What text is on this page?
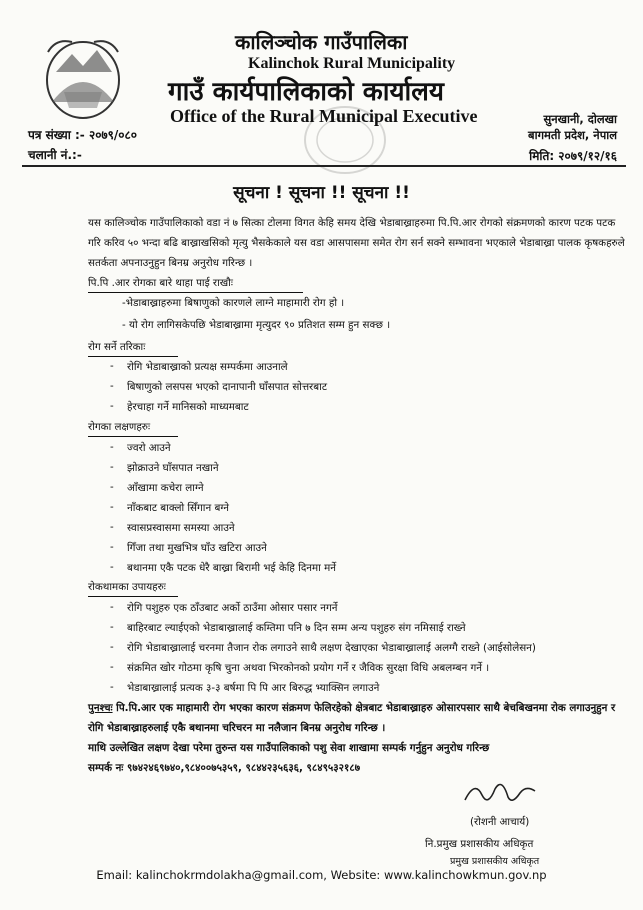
कालिञ्चोक गाउँपालिका
Kalinchok Rural Municipality
गाउँ कार्यपालिकाको कार्यालय
Office of the Rural Municipal Executive	सुनखानी, दोलखा
बागमती प्रदेश, नेपाल
मिति: २०७९/१२/१६
पत्र संख्या :- २०७९/०८०
चलानी नं.:-
सूचना ! सूचना !! सूचना !!
यस कालिञ्चोक गाउँपालिकाको वडा नं ७ सित्का टोलमा विगत केहि समय देखि भेडाबाख्राहरुमा पि.पि.आर रोगको संक्रमणको कारण पटक पटक गरि करिव ५० भन्दा बढि बाख्राखसिको मृत्यु भैसकेकाले यस वडा आसपासमा समेत रोग सर्न सक्ने सम्भावना भएकाले भेडाबाख्रा पालक कृषकहरुले सतर्कता अपनाउनुहुन बिनम्र अनुरोध गरिन्छ ।
पि.पि .आर रोगका बारे थाहा पाई राखौः
-भेडाबाख्राहरुमा बिषाणुको कारणले लाग्ने माहामारी रोग हो ।
- यो रोग लागिसकेपछि भेडाबाख्रामा मृत्युदर ९० प्रतिशत सम्म हुन सक्छ ।
रोग सर्ने तरिकाः
- रोगि भेडाबाख्राको प्रत्यक्ष सम्पर्कमा आउनाले
- बिषाणुको लसपस भएको दानापानी घाँसपात सोत्तरबाट
- हेरचाहा गर्ने मानिसको माध्यमबाट
रोगका लक्षणहरुः
- ज्वरो आउने
- झोक्राउने घाँसपात नखाने
- आँखामा कचेरा लाग्ने
- नाँकबाट बाक्लो सिँगान बग्ने
- स्वासप्रस्वासमा समस्या आउने
- गिँजा तथा मुखभित्र घाँउ खटिरा आउने
- बथानमा एकै पटक धेरै बाख्रा बिरामी भई केहि दिनमा मर्ने
रोकथामका उपायहरुः
- रोगि पशुहरु एक ठाँउबाट अर्को ठाउँमा ओसार पसार नगर्ने
- बाहिरबाट ल्याईएको भेडाबाख्रालाई कम्तिमा पनि ७ दिन सम्म अन्य पशुहरु संग नमिसाई राख्ने
- रोगि भेडाबाख्रालाई चरनमा तैजान रोक लगाउने साथै लक्षण देखाएका भेडाबाख्रालाई अलग्गै राख्ने (आईसोलेसन)
- संक्रमित खोर गोठमा कृषि चुना अथवा भिरकोनको प्रयोग गर्ने र जैविक सुरक्षा विधि अबलम्बन गर्ने ।
- भेडाबाख्रालाई प्रत्यक ३-३ बर्षमा पि पि आर बिरुद्ध भ्याक्सिन लगाउने
पुनश्चः पि.पि.आर एक माहामारी रोग भएका कारण संक्रमण फेलिरहेको क्षेत्रबाट भेडाबाख्राहरु ओसारपसार साथै बेचबिखनमा रोक लगाउनुहुन र रोगि भेडाबाख्राहरुलाई एकै बथानमा चरिचरन मा नलैजान बिनम्र अनुरोध गरिन्छ ।
माथि उल्लेखित लक्षण देखा परेमा तुरुन्त यस गाउँपालिकाको पशु सेवा शाखामा सम्पर्क गर्नुहुन अनुरोध गरिन्छ
सम्पर्क नः ९७४२४६९७४०,९८४००७५३५९, ९८४४२३५६३६, ९८४९५३२१८७
(रोशनी आचार्य)
नि.प्रमुख प्रशासकीय अधिकृत
प्रमुख प्रशासकीय अधिकृत
Email: kalinchokrmdolakha@gmail.com, Website: www.kalinchowkmun.gov.np
